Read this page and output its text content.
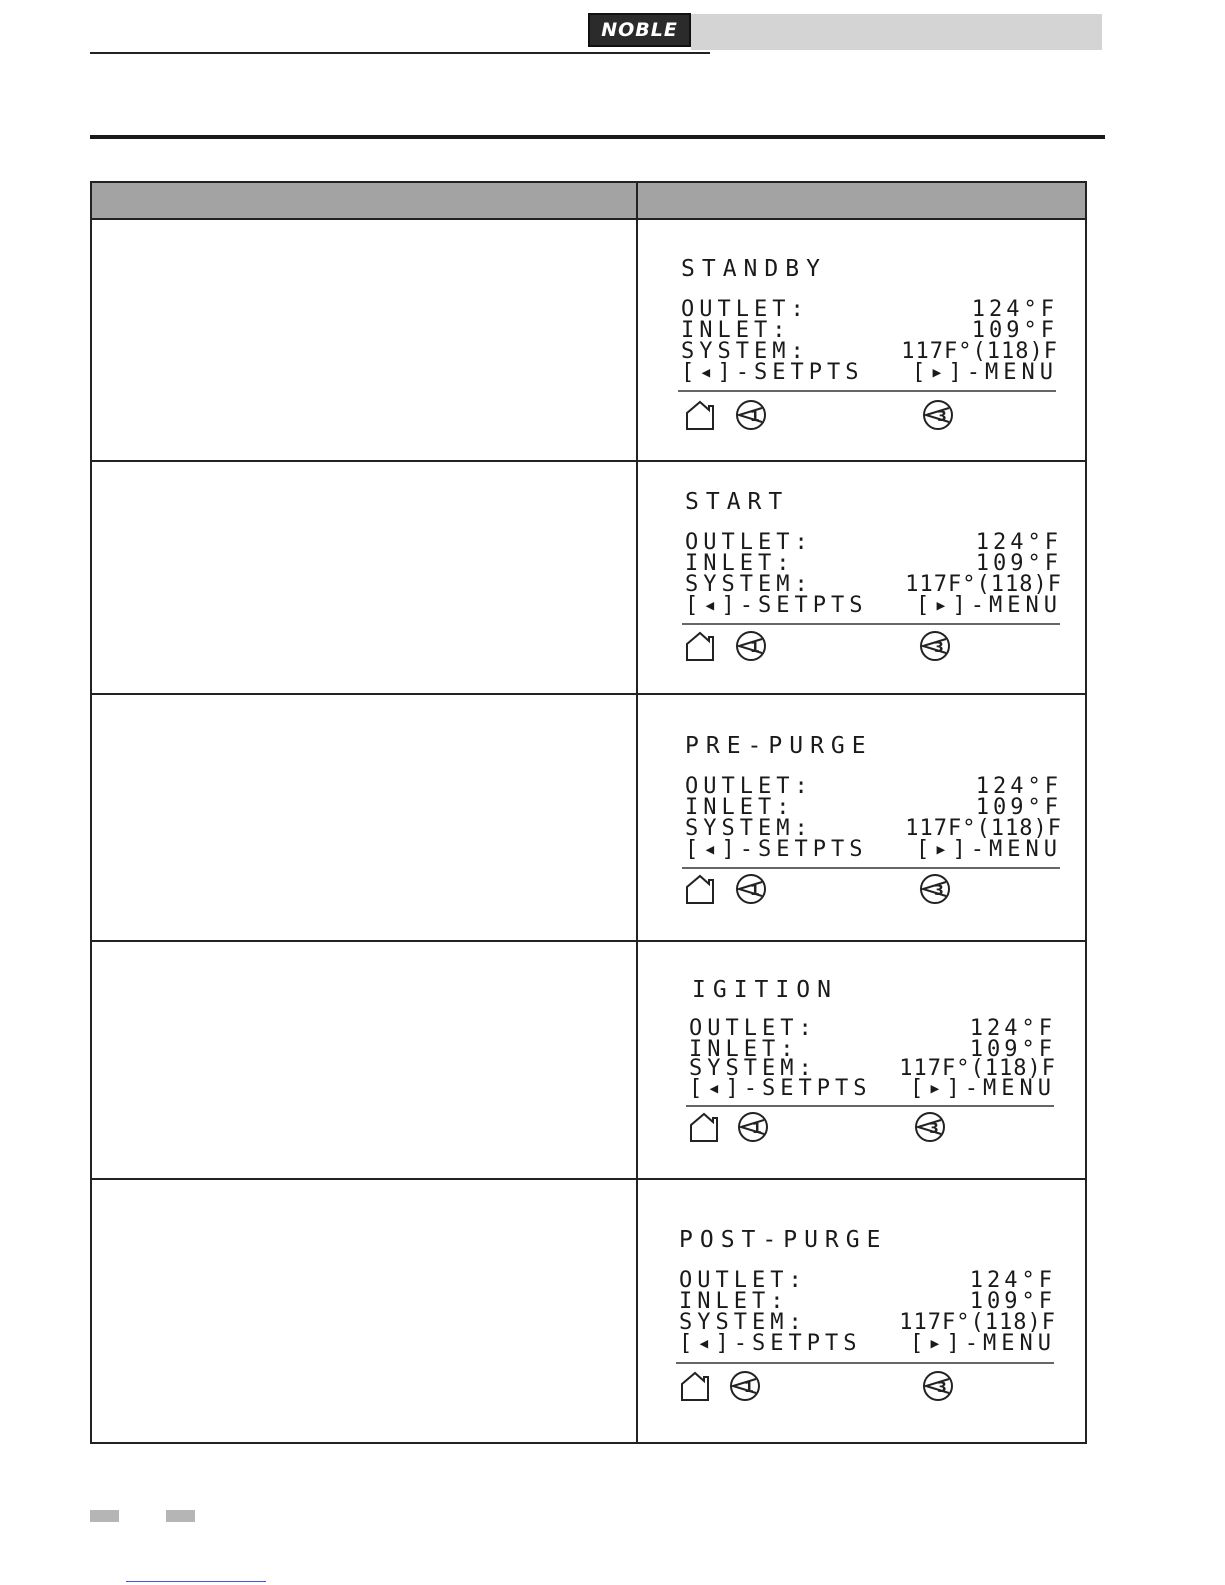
NOBLE
STANDBY
OUTLET:	124°F
INLET:	109°F
SYSTEM:	117F°(118)F
[◂]-SETPTS [▸]-MENU
1	3
START
OUTLET:	124°F
INLET:	109°F
SYSTEM:	117F°(118)F
[◂]-SETPTS [▸]-MENU
1	3
PRE-PURGE
OUTLET:	124°F
INLET:	109°F
SYSTEM:	117F°(118)F
[◂]-SETPTS [▸]-MENU
1	3
IGITION
OUTLET:	124°F
INLET:	109°F
SYSTEM:	117F°(118)F
[◂]-SETPTS [▸]-MENU
1	3
POST-PURGE
OUTLET:	124°F
INLET:	109°F
SYSTEM:	117F°(118)F
[◂]-SETPTS [▸]-MENU
1	3
